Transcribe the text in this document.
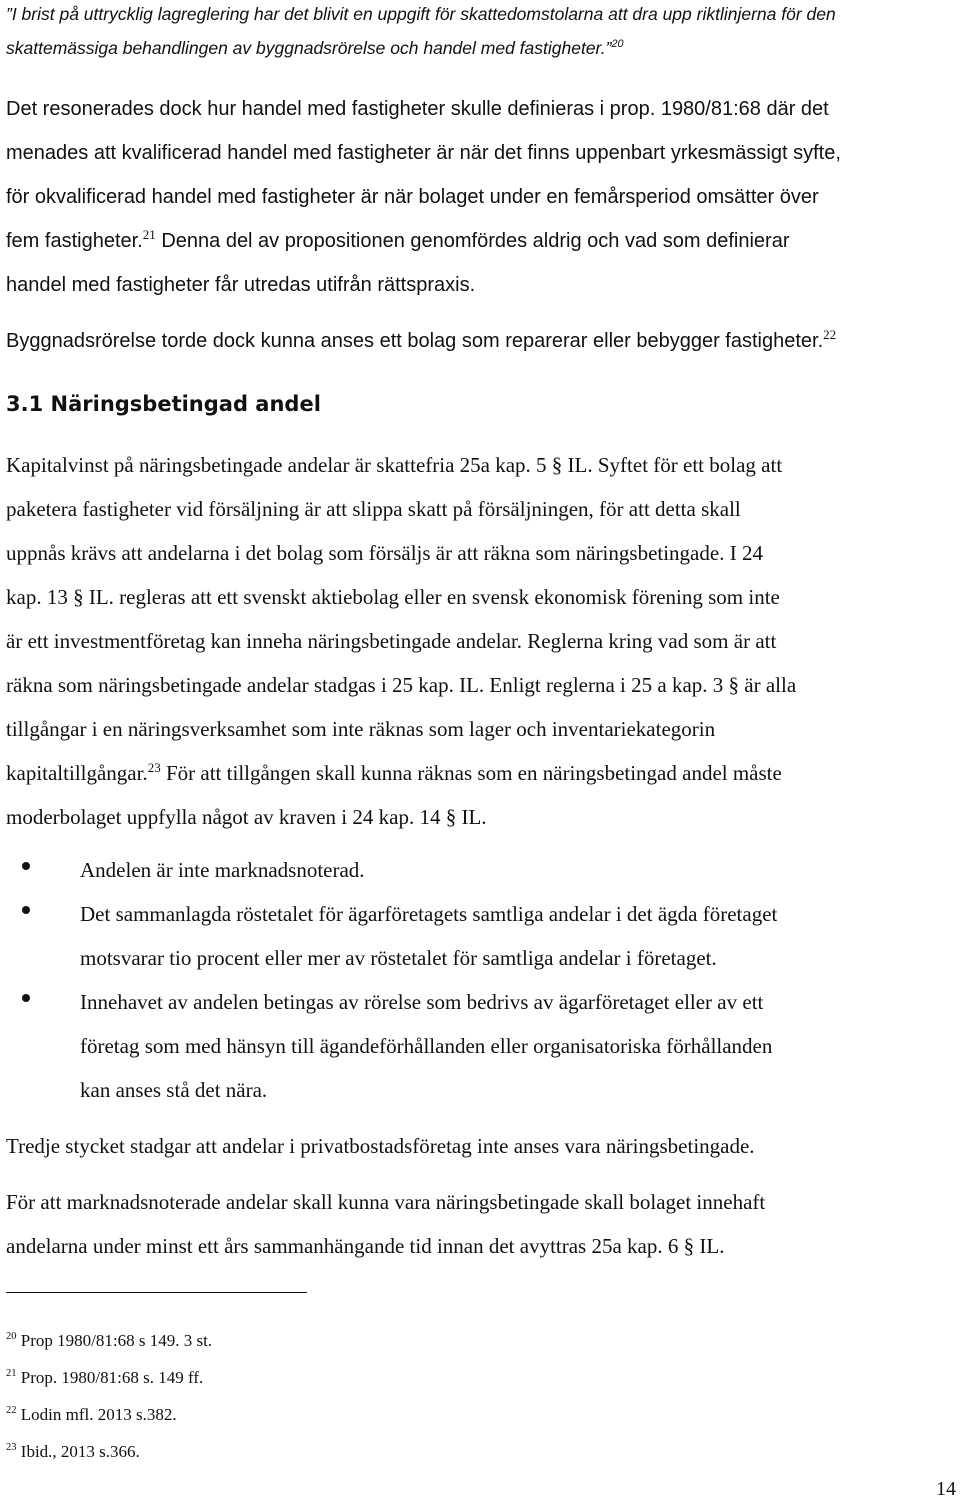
”I brist på uttrycklig lagreglering har det blivit en uppgift för skattedomstolarna att dra upp riktlinjerna för den
skattemässiga behandlingen av byggnadsrörelse och handel med fastigheter.”$^{20}$
Det resonerades dock hur handel med fastigheter skulle definieras i prop. 1980/81:68 där det
menades att kvalificerad handel med fastigheter är när det finns uppenbart yrkesmässigt syfte,
för okvalificerad handel med fastigheter är när bolaget under en femårsperiod omsätter över
fem fastigheter.$^{21}$ Denna del av propositionen genomfördes aldrig och vad som definierar
handel med fastigheter får utredas utifrån rättspraxis.
Byggnadsrörelse torde dock kunna anses ett bolag som reparerar eller bebygger fastigheter.$^{22}$
3.1 Näringsbetingad andel
Kapitalvinst på näringsbetingade andelar är skattefria 25a kap. 5 § IL. Syftet för ett bolag att
paketera fastigheter vid försäljning är att slippa skatt på försäljningen, för att detta skall
uppnås krävs att andelarna i det bolag som försäljs är att räkna som näringsbetingade. I 24
kap. 13 § IL. regleras att ett svenskt aktiebolag eller en svensk ekonomisk förening som inte
är ett investmentföretag kan inneha näringsbetingade andelar. Reglerna kring vad som är att
räkna som näringsbetingade andelar stadgas i 25 kap. IL. Enligt reglerna i 25 a kap. 3 § är alla
tillgångar i en näringsverksamhet som inte räknas som lager och inventariekategorin
kapitaltillgångar.$^{23}$ För att tillgången skall kunna räknas som en näringsbetingad andel måste
moderbolaget uppfylla något av kraven i 24 kap. 14 § IL.
Andelen är inte marknadsnoterad.
Det sammanlagda röstetalet för ägarföretagets samtliga andelar i det ägda företaget
motsvarar tio procent eller mer av röstetalet för samtliga andelar i företaget.
Innehavet av andelen betingas av rörelse som bedrivs av ägarföretaget eller av ett
företag som med hänsyn till ägandeförhållanden eller organisatoriska förhållanden
kan anses stå det nära.
Tredje stycket stadgar att andelar i privatbostadsföretag inte anses vara näringsbetingade.
För att marknadsnoterade andelar skall kunna vara näringsbetingade skall bolaget innehaft
andelarna under minst ett års sammanhängande tid innan det avyttras 25a kap. 6 § IL.
$^{20}$ Prop 1980/81:68 s 149. 3 st.
$^{21}$ Prop. 1980/81:68 s. 149 ff.
$^{22}$ Lodin mfl. 2013 s.382.
$^{23}$ Ibid., 2013 s.366.
14
